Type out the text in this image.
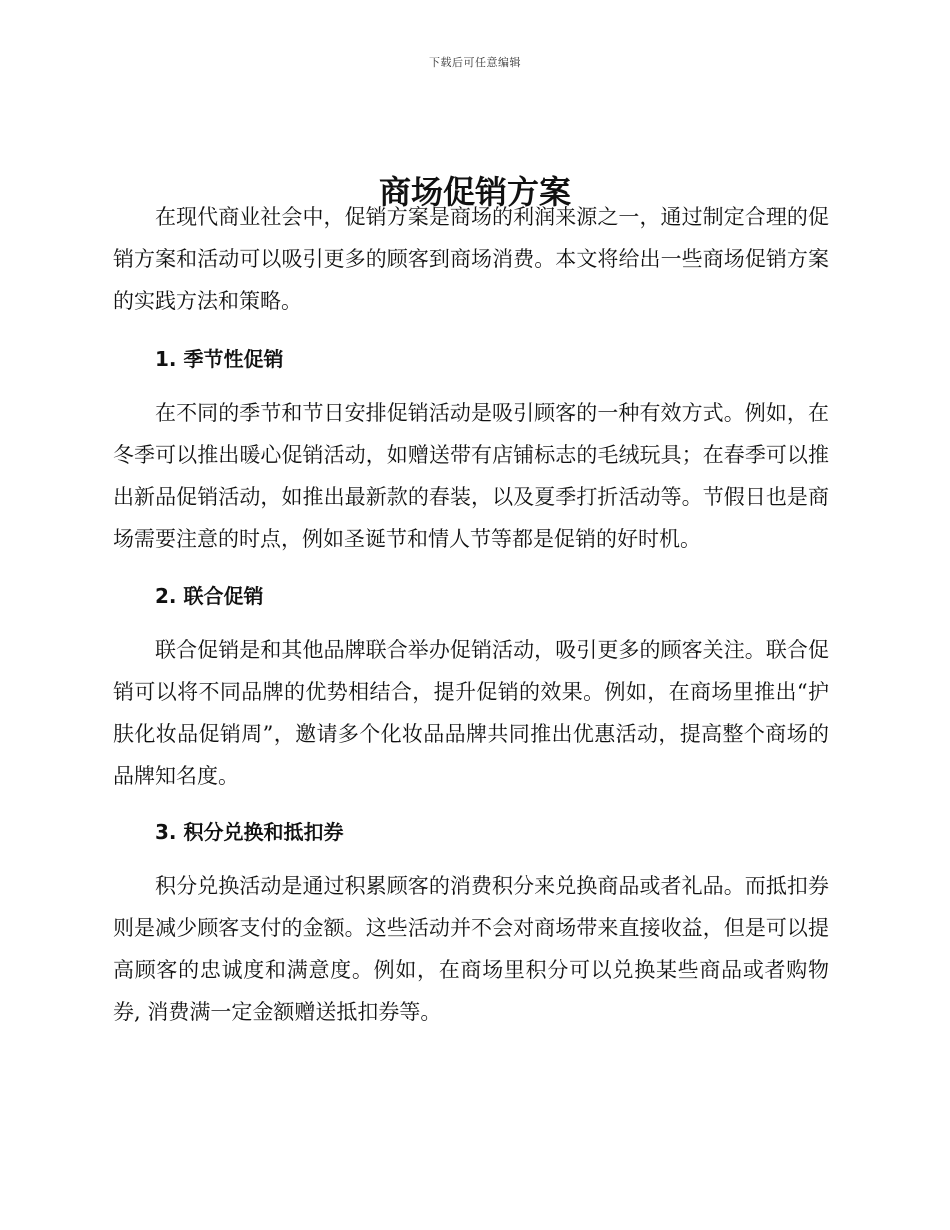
下载后可任意编辑
商场促销方案

在现代商业社会中，促销方案是商场的利润来源之一，通过制定合理的促销方案和活动可以吸引更多的顾客到商场消费。本文将给出一些商场促销方案的实践方法和策略。

1. 季节性促销

在不同的季节和节日安排促销活动是吸引顾客的一种有效方式。例如，在冬季可以推出暖心促销活动，如赠送带有店铺标志的毛绒玩具；在春季可以推出新品促销活动，如推出最新款的春装，以及夏季打折活动等。节假日也是商场需要注意的时点，例如圣诞节和情人节等都是促销的好时机。

2. 联合促销

联合促销是和其他品牌联合举办促销活动，吸引更多的顾客关注。联合促销可以将不同品牌的优势相结合，提升促销的效果。例如，在商场里推出“护肤化妆品促销周”，邀请多个化妆品品牌共同推出优惠活动，提高整个商场的品牌知名度。

3. 积分兑换和抵扣券

积分兑换活动是通过积累顾客的消费积分来兑换商品或者礼品。而抵扣券则是减少顾客支付的金额。这些活动并不会对商场带来直接收益，但是可以提高顾客的忠诚度和满意度。例如，在商场里积分可以兑换某些商品或者购物券, 消费满一定金额赠送抵扣券等。
